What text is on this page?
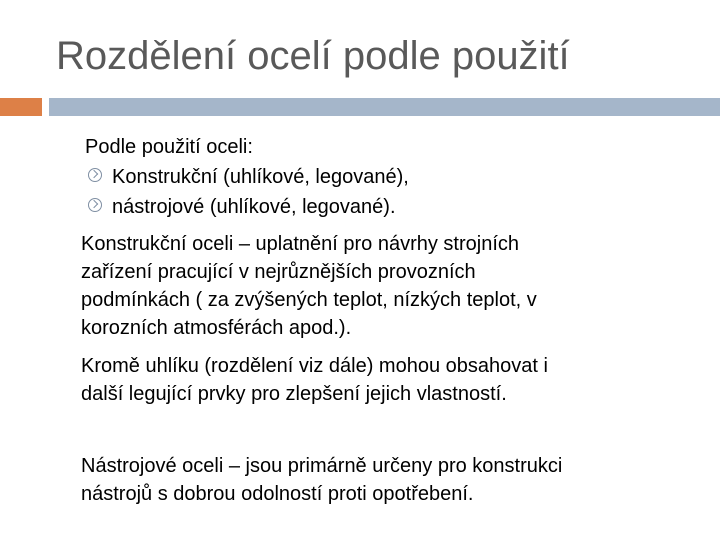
Rozdělení ocelí podle použití
Podle použití oceli:
Konstrukční (uhlíkové, legované),
nástrojové (uhlíkové, legované).
Konstrukční oceli – uplatnění pro návrhy strojních
zařízení pracující v nejrůznějších provozních
podmínkách ( za zvýšených teplot, nízkých teplot, v
korozních atmosférách apod.).
Kromě uhlíku (rozdělení viz dále) mohou obsahovat i
další legující prvky pro zlepšení jejich vlastností.
Nástrojové oceli – jsou primárně určeny pro konstrukci
nástrojů s dobrou odolností proti opotřebení.
